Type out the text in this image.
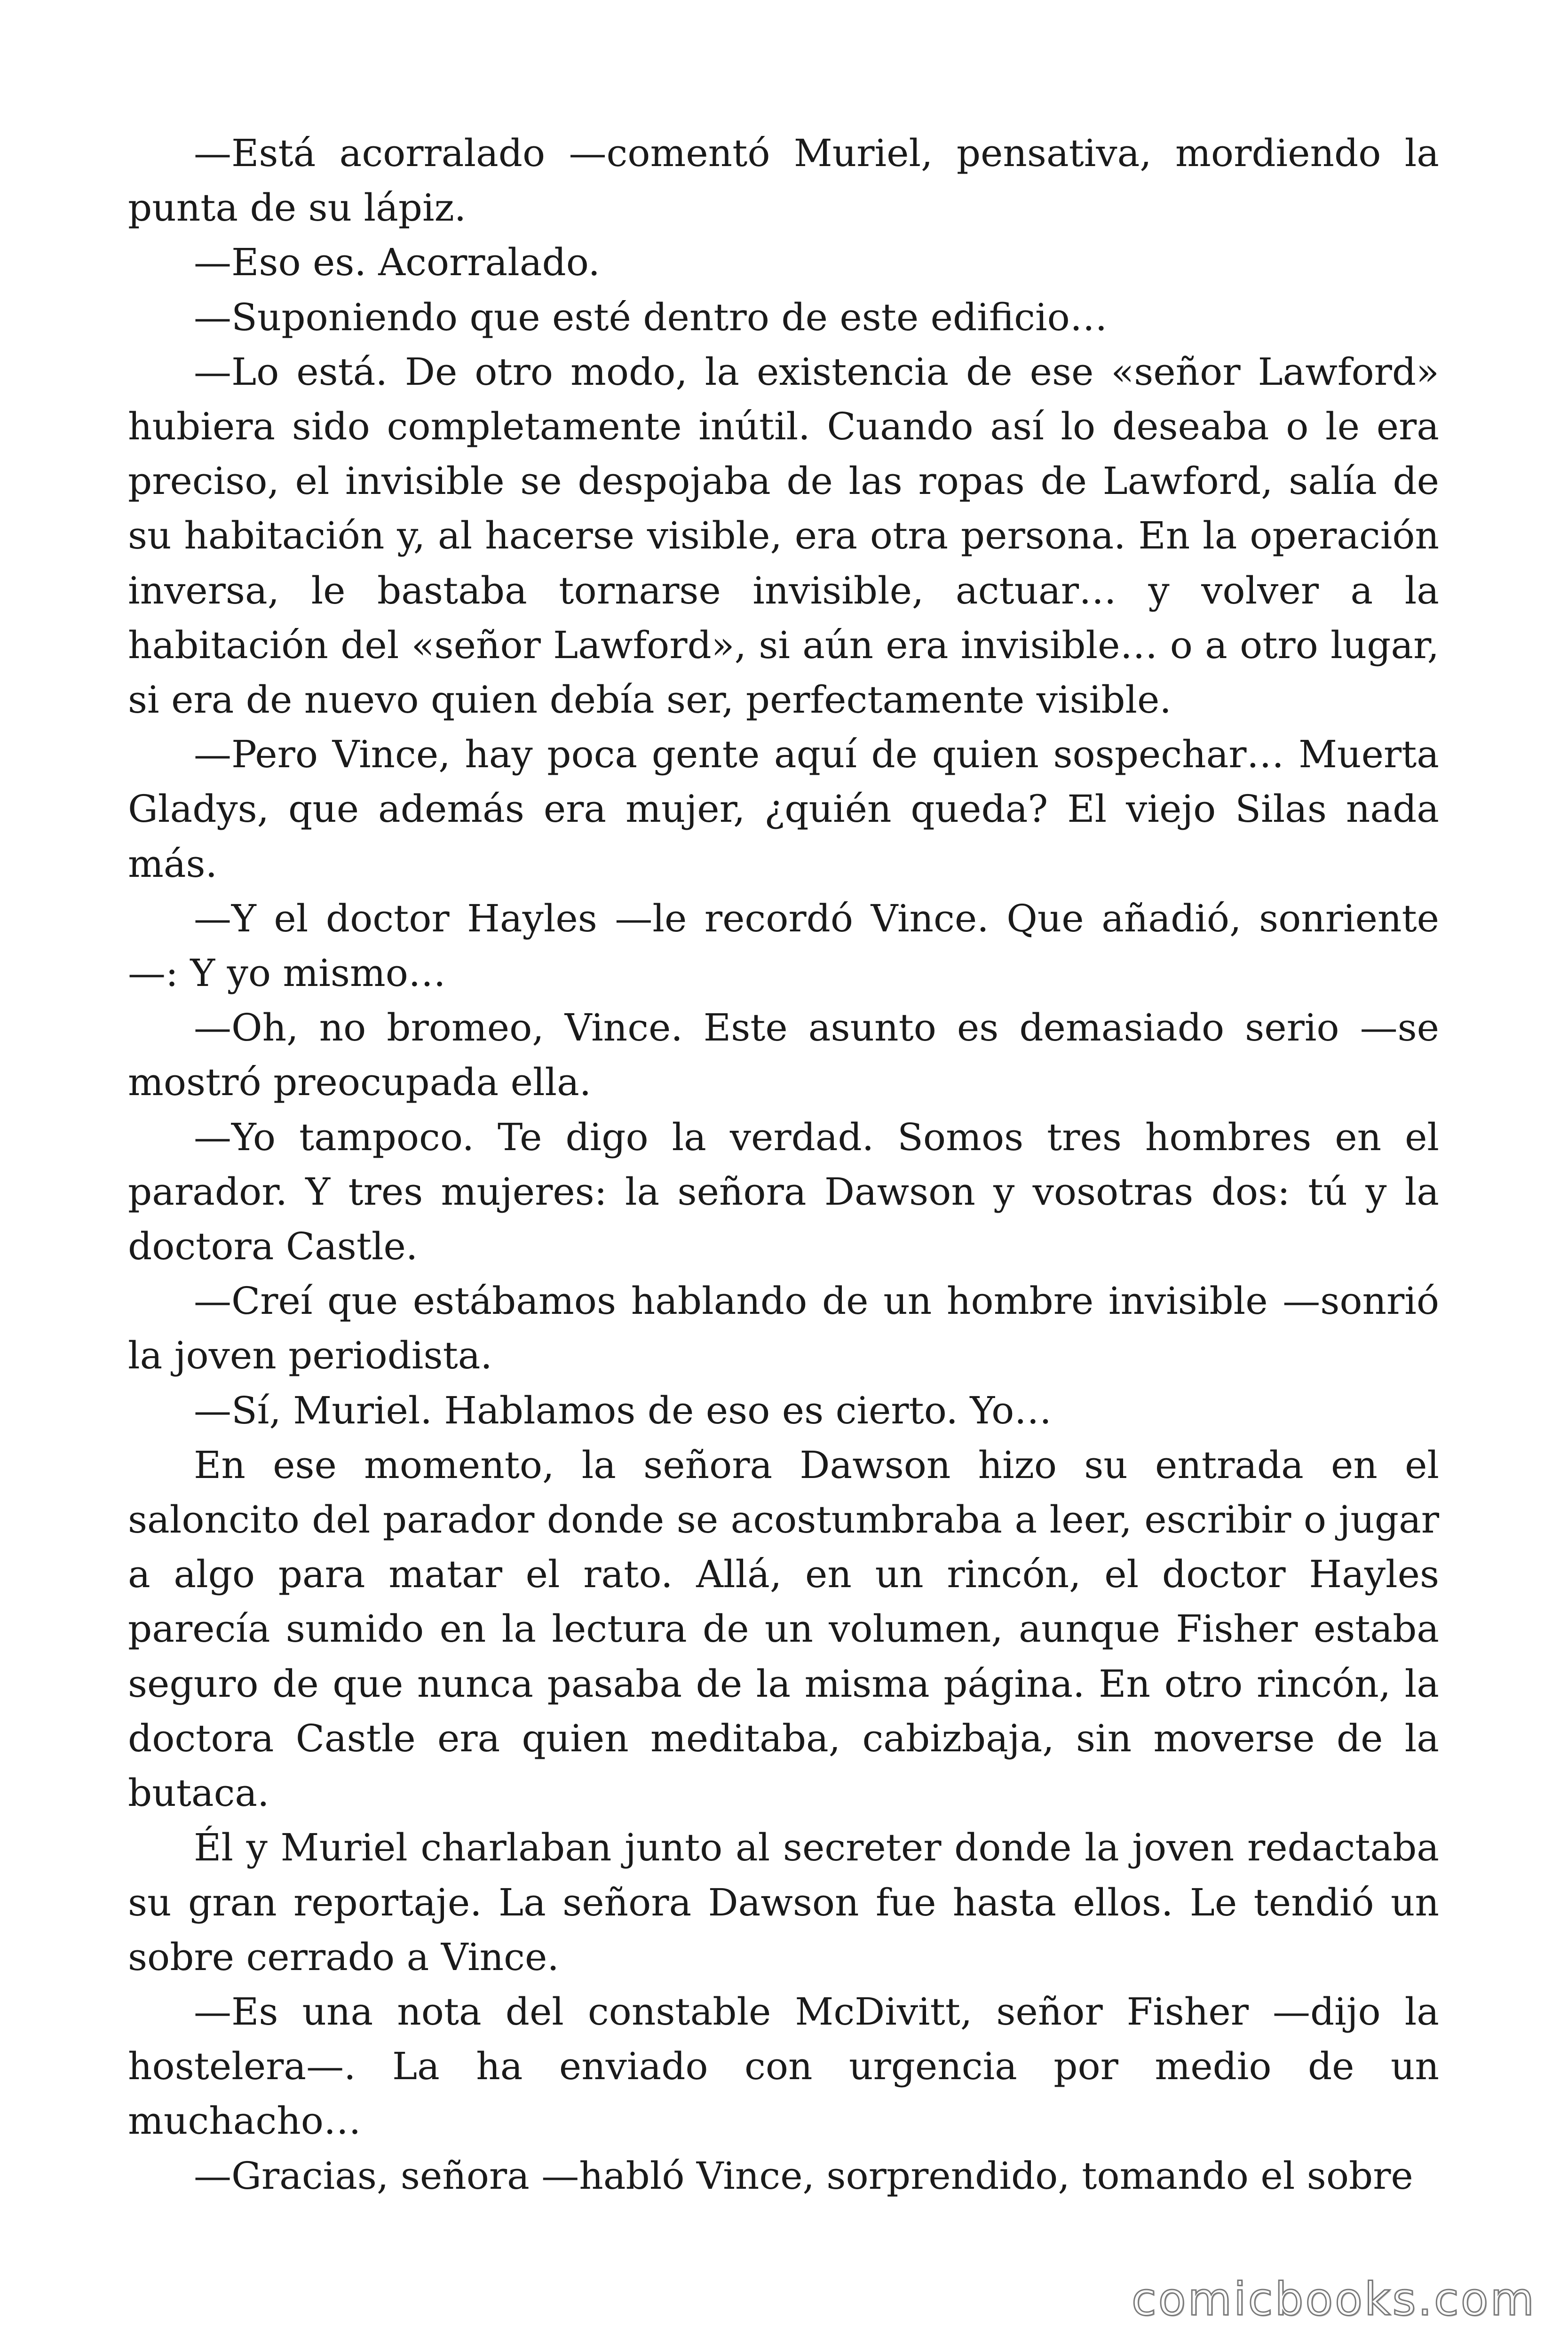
—Está acorralado —comentó Muriel, pensativa, mordiendo la punta de su lápiz.

—Eso es. Acorralado.

—Suponiendo que esté dentro de este edificio…

—Lo está. De otro modo, la existencia de ese «señor Lawford» hubiera sido completamente inútil. Cuando así lo deseaba o le era preciso, el invisible se despojaba de las ropas de Lawford, salía de su habitación y, al hacerse visible, era otra persona. En la operación inversa, le bastaba tornarse invisible, actuar… y volver a la habitación del «señor Lawford», si aún era invisible… o a otro lugar, si era de nuevo quien debía ser, perfectamente visible.

—Pero Vince, hay poca gente aquí de quien sospechar… Muerta Gladys, que además era mujer, ¿quién queda? El viejo Silas nada más.

—Y el doctor Hayles —le recordó Vince. Que añadió, sonriente —: Y yo mismo…

—Oh, no bromeo, Vince. Este asunto es demasiado serio —se mostró preocupada ella.

—Yo tampoco. Te digo la verdad. Somos tres hombres en el parador. Y tres mujeres: la señora Dawson y vosotras dos: tú y la doctora Castle.

—Creí que estábamos hablando de un hombre invisible —sonrió la joven periodista.

—Sí, Muriel. Hablamos de eso es cierto. Yo…

En ese momento, la señora Dawson hizo su entrada en el saloncito del parador donde se acostumbraba a leer, escribir o jugar a algo para matar el rato. Allá, en un rincón, el doctor Hayles parecía sumido en la lectura de un volumen, aunque Fisher estaba seguro de que nunca pasaba de la misma página. En otro rincón, la doctora Castle era quien meditaba, cabizbaja, sin moverse de la butaca.

Él y Muriel charlaban junto al secreter donde la joven redactaba su gran reportaje. La señora Dawson fue hasta ellos. Le tendió un sobre cerrado a Vince.

—Es una nota del constable McDivitt, señor Fisher —dijo la hostelera—. La ha enviado con urgencia por medio de un muchacho…

—Gracias, señora —habló Vince, sorprendido, tomando el sobre

comicbooks.com
